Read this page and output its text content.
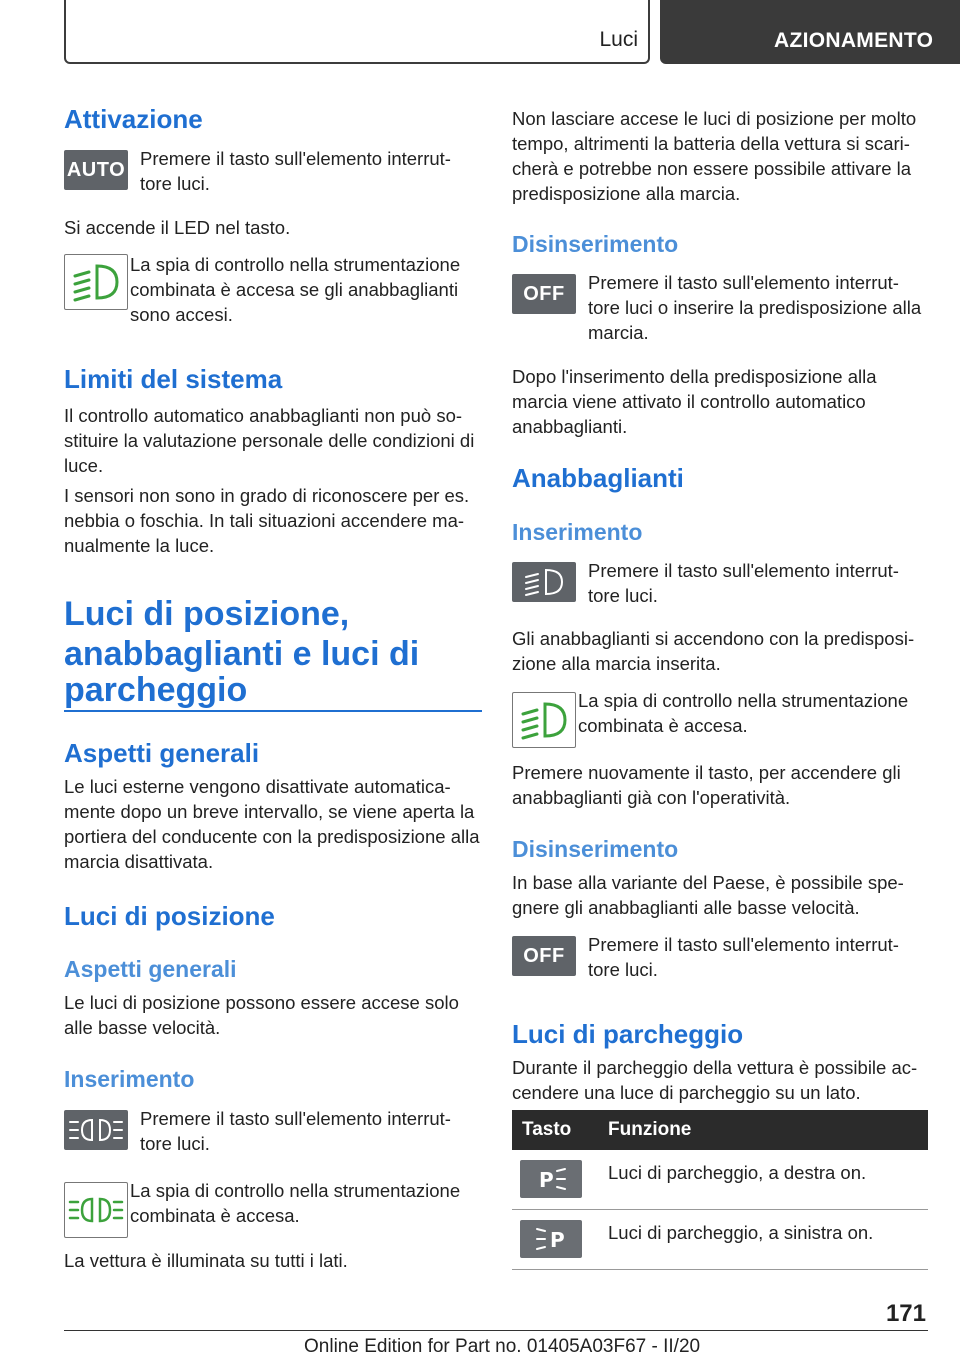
Luci	AZIONAMENTO
Attivazione
AUTO Premere il tasto sull'elemento interrut‐ tore luci.
Si accende il LED nel tasto.
La spia di controllo nella strumentazione combinata è accesa se gli anabbaglianti sono accesi.
Limiti del sistema
Il controllo automatico anabbaglianti non può so‐ stituire la valutazione personale delle condizioni di luce.
I sensori non sono in grado di riconoscere per es. nebbia o foschia. In tali situazioni accendere ma‐ nualmente la luce.
Luci di posizione,
anabbaglianti e luci di
parcheggio
Aspetti generali
Le luci esterne vengono disattivate automatica‐ mente dopo un breve intervallo, se viene aperta la portiera del conducente con la predisposizione alla marcia disattivata.
Luci di posizione
Aspetti generali
Le luci di posizione possono essere accese solo alle basse velocità.
Inserimento
Premere il tasto sull'elemento interrut‐ tore luci.
La spia di controllo nella strumentazione combinata è accesa.
La vettura è illuminata su tutti i lati.
Non lasciare accese le luci di posizione per molto tempo, altrimenti la batteria della vettura si scari‐ cherà e potrebbe non essere possibile attivare la predisposizione alla marcia.
Disinserimento
OFF Premere il tasto sull'elemento interrut‐ tore luci o inserire la predisposizione alla marcia.
Dopo l'inserimento della predisposizione alla marcia viene attivato il controllo automatico anabbaglianti.
Anabbaglianti
Inserimento
Premere il tasto sull'elemento interrut‐ tore luci.
Gli anabbaglianti si accendono con la predisposi‐ zione alla marcia inserita.
La spia di controllo nella strumentazione combinata è accesa.
Premere nuovamente il tasto, per accendere gli anabbaglianti già con l'operatività.
Disinserimento
In base alla variante del Paese, è possibile spe‐ gnere gli anabbaglianti alle basse velocità.
OFF Premere il tasto sull'elemento interrut‐ tore luci.
Luci di parcheggio
Durante il parcheggio della vettura è possibile ac‐ cendere una luce di parcheggio su un lato.
Tasto Funzione
P	Luci di parcheggio, a destra on.
P Luci di parcheggio, a sinistra on.
171
Online Edition for Part no. 01405A03F67 - II/20
